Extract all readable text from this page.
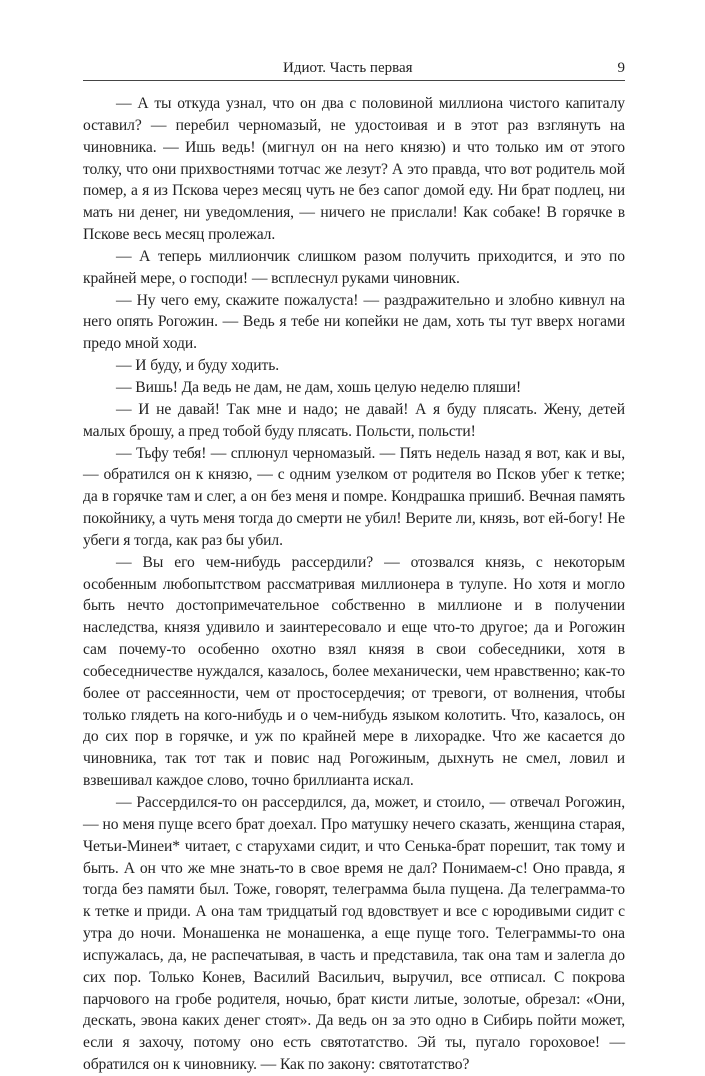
Идиот. Часть первая	9

— А ты откуда узнал, что он два с половиной миллиона чистого капиталу оставил? — перебил черномазый, не удостоивая и в этот раз взглянуть на чиновника. — Ишь ведь! (мигнул он на него князю) и что только им от этого толку, что они прихвостнями тотчас же лезут? А это правда, что вот родитель мой помер, а я из Пскова через месяц чуть не без сапог домой еду. Ни брат подлец, ни мать ни денег, ни уведомления, — ничего не прислали! Как собаке! В горячке в Пскове весь месяц пролежал.

— А теперь миллиончик слишком разом получить приходится, и это по крайней мере, о господи! — всплеснул руками чиновник.

— Ну чего ему, скажите пожалуста! — раздражительно и злобно кивнул на него опять Рогожин. — Ведь я тебе ни копейки не дам, хоть ты тут вверх ногами предо мной ходи.

— И буду, и буду ходить.

— Вишь! Да ведь не дам, не дам, хошь целую неделю пляши!

— И не давай! Так мне и надо; не давай! А я буду плясать. Жену, детей малых брошу, а пред тобой буду плясать. Польсти, польсти!

— Тьфу тебя! — сплюнул черномазый. — Пять недель назад я вот, как и вы, — обратился он к князю, — с одним узелком от родителя во Псков убег к тетке; да в горячке там и слег, а он без меня и помре. Кондрашка пришиб. Вечная память покойнику, а чуть меня тогда до смерти не убил! Верите ли, князь, вот ей-богу! Не убеги я тогда, как раз бы убил.

— Вы его чем-нибудь рассердили? — отозвался князь, с некоторым особенным любопытством рассматривая миллионера в тулупе. Но хотя и могло быть нечто достопримечательное собственно в миллионе и в получении наследства, князя удивило и заинтересовало и еще что-то другое; да и Рогожин сам почему-то особенно охотно взял князя в свои собеседники, хотя в собеседничестве нуждался, казалось, более механически, чем нравственно; как-то более от рассеянности, чем от простосердечия; от тревоги, от волнения, чтобы только глядеть на кого-нибудь и о чем-нибудь языком колотить. Что, казалось, он до сих пор в горячке, и уж по крайней мере в лихорадке. Что же касается до чиновника, так тот так и повис над Рогожиным, дыхнуть не смел, ловил и взвешивал каждое слово, точно бриллианта искал.

— Рассердился-то он рассердился, да, может, и стоило, — отвечал Рогожин, — но меня пуще всего брат доехал. Про матушку нечего сказать, женщина старая, Четьи-Минеи* читает, с старухами сидит, и что Сенька-брат порешит, так тому и быть. А он что же мне знать-то в свое время не дал? Понимаем-с! Оно правда, я тогда без памяти был. Тоже, говорят, телеграмма была пущена. Да телеграмма-то к тетке и приди. А она там тридцатый год вдовствует и все с юродивыми сидит с утра до ночи. Монашенка не монашенка, а еще пуще того. Телеграммы-то она испужалась, да, не распечатывая, в часть и представила, так она там и залегла до сих пор. Только Конев, Василий Васильич, выручил, все отписал. С покрова парчового на гробе родителя, ночью, брат кисти литые, золотые, обрезал: «Они, дескать, эвона каких денег стоят». Да ведь он за это одно в Сибирь пойти может, если я захочу, потому оно есть святотатство. Эй ты, пугало гороховое! — обратился он к чиновнику. — Как по закону: святотатство?
